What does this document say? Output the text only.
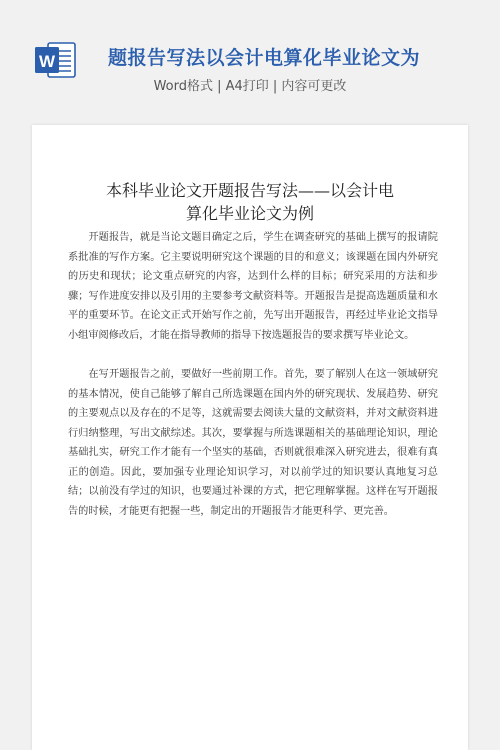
W	题报告写法以会计电算化毕业论文为
Word格式 | A4打印 | 内容可更改
本科毕业论文开题报告写法——以会计电
算化毕业论文为例

开题报告，就是当论文题目确定之后，学生在调查研究的基础上撰写的报请院系批准的写作方案。它主要说明研究这个课题的目的和意义；该课题在国内外研究的历史和现状；论文重点研究的内容，达到什么样的目标；研究采用的方法和步骤；写作进度安排以及引用的主要参考文献资料等。开题报告是提高选题质量和水平的重要环节。在论文正式开始写作之前，先写出开题报告，再经过毕业论文指导小组审阅修改后，才能在指导教师的指导下按选题报告的要求撰写毕业论文。

在写开题报告之前，要做好一些前期工作。首先，要了解别人在这一领域研究的基本情况，使自己能够了解自己所选课题在国内外的研究现状、发展趋势、研究的主要观点以及存在的不足等，这就需要去阅读大量的文献资料，并对文献资料进行归纳整理，写出文献综述。其次，要掌握与所选课题相关的基础理论知识，理论基础扎实，研究工作才能有一个坚实的基础，否则就很难深入研究进去，很难有真正的创造。因此，要加强专业理论知识学习，对以前学过的知识要认真地复习总结；以前没有学过的知识，也要通过补课的方式，把它理解掌握。这样在写开题报告的时候，才能更有把握一些，制定出的开题报告才能更科学、更完善。
